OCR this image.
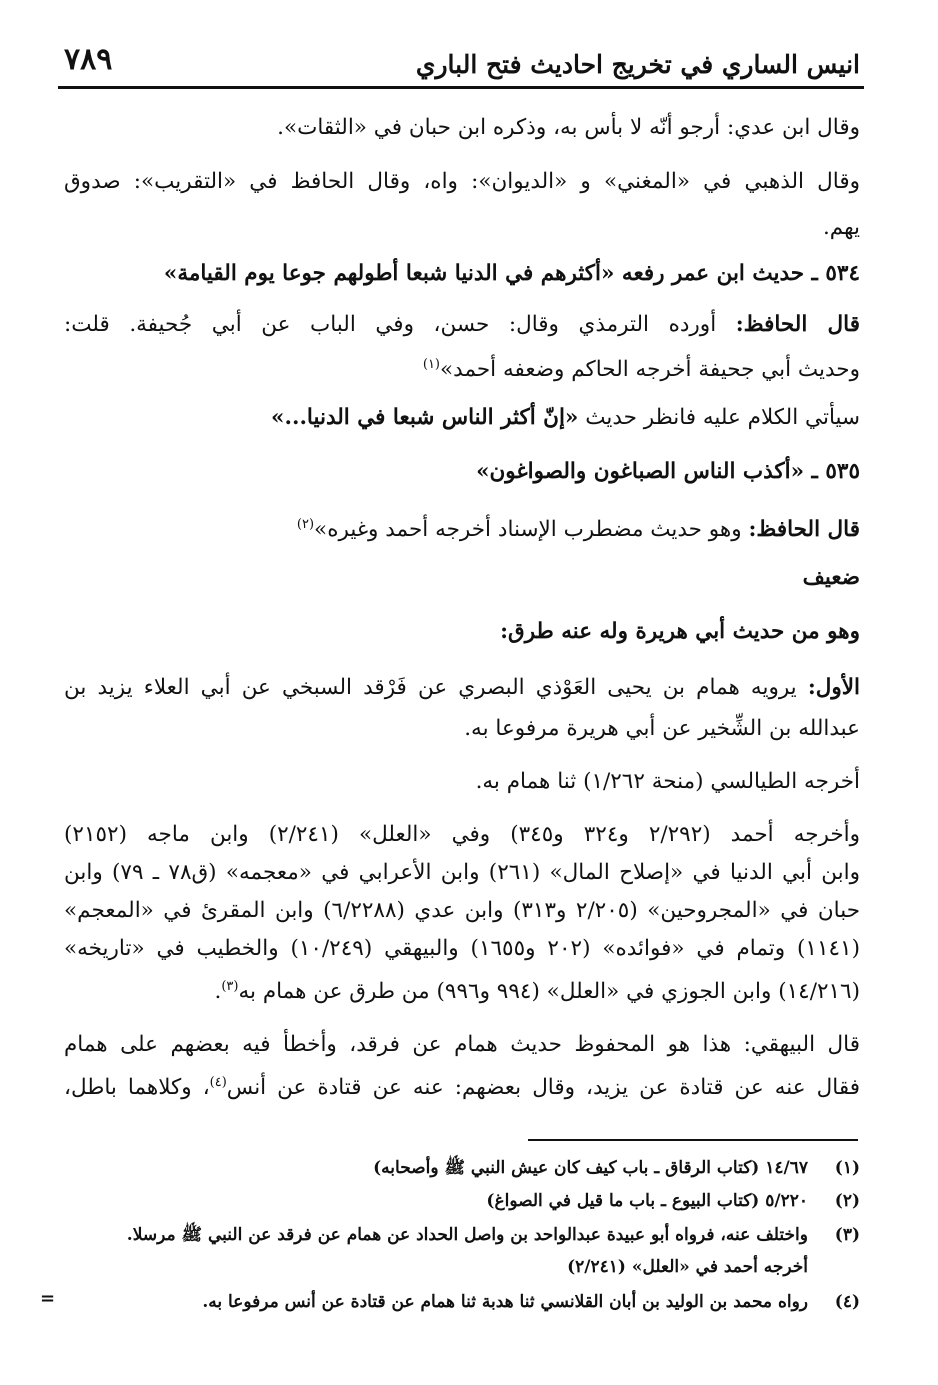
انيس الساري في تخريج احاديث فتح الباري
٧٨٩
وقال ابن عدي: أرجو أنّه لا بأس به، وذكره ابن حبان في «الثقات».
وقال الذهبي في «المغني» و «الديوان»: واه، وقال الحافظ في «التقريب»: صدوق
يهم.
٥٣٤ ـ حديث ابن عمر رفعه «أكثرهم في الدنيا شبعا أطولهم جوعا يوم القيامة»
قال الحافظ: أورده الترمذي وقال: حسن، وفي الباب عن أبي جُحيفة. قلت:
وحديث أبي جحيفة أخرجه الحاكم وضعفه أحمد»$^{(١)}$
سيأتي الكلام عليه فانظر حديث «إنّ أكثر الناس شبعا في الدنيا...»
٥٣٥ ـ «أكذب الناس الصباغون والصواغون»
قال الحافظ: وهو حديث مضطرب الإسناد أخرجه أحمد وغيره»$^{(٢)}$
ضعيف
وهو من حديث أبي هريرة وله عنه طرق:
الأول: يرويه همام بن يحيى العَوْذي البصري عن فَرْقد السبخي عن أبي العلاء يزيد بن
عبدالله بن الشِّخير عن أبي هريرة مرفوعا به.
أخرجه الطيالسي (منحة ١/٢٦٢) ثنا همام به.
وأخرجه أحمد (٢/٢٩٢ و٣٢٤ و٣٤٥) وفي «العلل» (٢/٢٤١) وابن ماجه (٢١٥٢)
وابن أبي الدنيا في «إصلاح المال» (٢٦١) وابن الأعرابي في «معجمه» (ق٧٨ ـ ٧٩) وابن
حبان في «المجروحين» (٢/٢٠٥ و٣١٣) وابن عدي (٦/٢٢٨٨) وابن المقرئ في «المعجم»
(١١٤١) وتمام في «فوائده» (٢٠٢ و١٦٥٥) والبيهقي (١٠/٢٤٩) والخطيب في «تاريخه»
(١٤/٢١٦) وابن الجوزي في «العلل» (٩٩٤ و٩٩٦) من طرق عن همام به$^{(٣)}$.
قال البيهقي: هذا هو المحفوظ حديث همام عن فرقد، وأخطأ فيه بعضهم على همام
فقال عنه عن قتادة عن يزيد، وقال بعضهم: عنه عن قتادة عن أنس$^{(٤)}$، وكلاهما باطل،
(١)١٤/٦٧ (كتاب الرقاق ـ باب كيف كان عيش النبي ﷺ وأصحابه)
(٢)٥/٢٢٠ (كتاب البيوع ـ باب ما قيل في الصواغ)
(٣)واختلف عنه، فرواه أبو عبيدة عبدالواحد بن واصل الحداد عن همام عن فرقد عن النبي ﷺ مرسلا.
أخرجه أحمد في «العلل» (٢/٢٤١)
(٤)رواه محمد بن الوليد بن أبان القلانسي ثنا هدبة ثنا همام عن قتادة عن أنس مرفوعا به.
=
